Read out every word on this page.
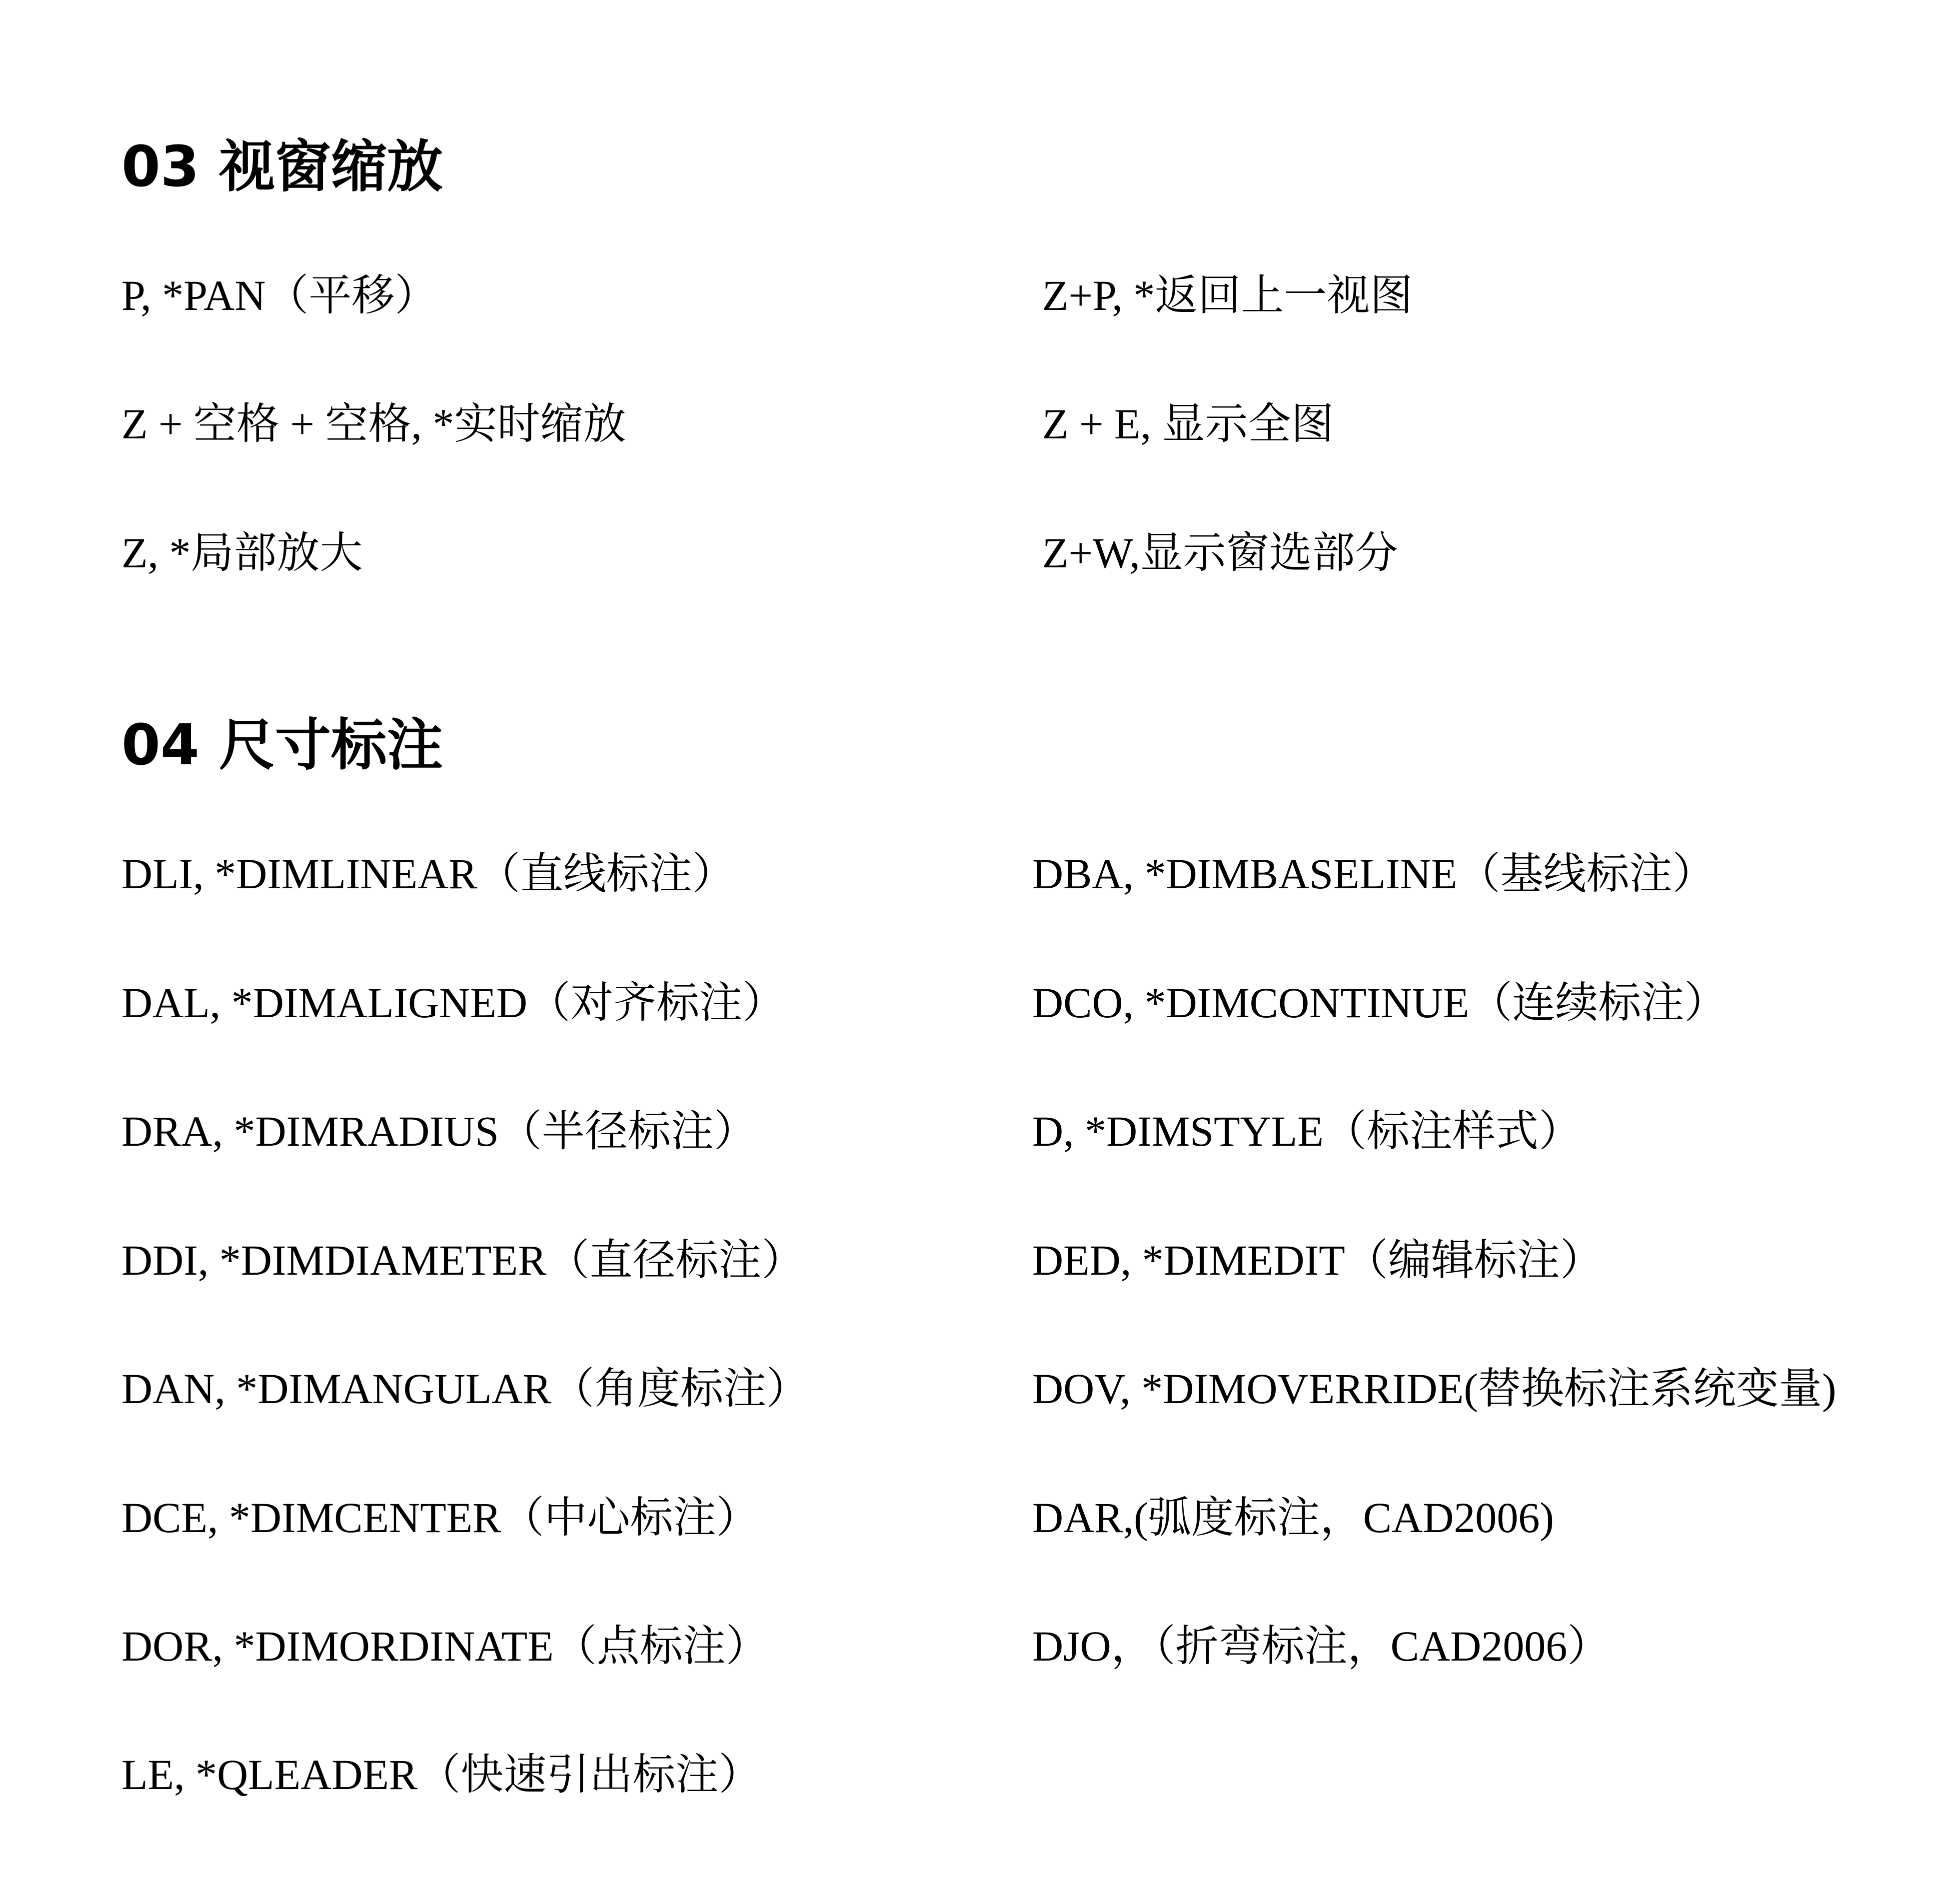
03 视窗缩放
P, *PAN（平移）
Z + 空格 + 空格, *实时缩放
Z, *局部放大
Z+P, *返回上一视图
Z + E, 显示全图
Z+W,显示窗选部分
04 尺寸标注
DLI, *DIMLINEAR（直线标注）
DAL, *DIMALIGNED（对齐标注）
DRA, *DIMRADIUS（半径标注）
DDI, *DIMDIAMETER（直径标注）
DAN, *DIMANGULAR（角度标注）
DCE, *DIMCENTER（中心标注）
DOR, *DIMORDINATE（点标注）
LE, *QLEADER（快速引出标注）
DBA, *DIMBASELINE（基线标注）
DCO, *DIMCONTINUE（连续标注）
D, *DIMSTYLE（标注样式）
DED, *DIMEDIT（编辑标注）
DOV, *DIMOVERRIDE(替换标注系统变量)
DAR,(弧度标注，CAD2006)
DJO，（折弯标注，CAD2006）
